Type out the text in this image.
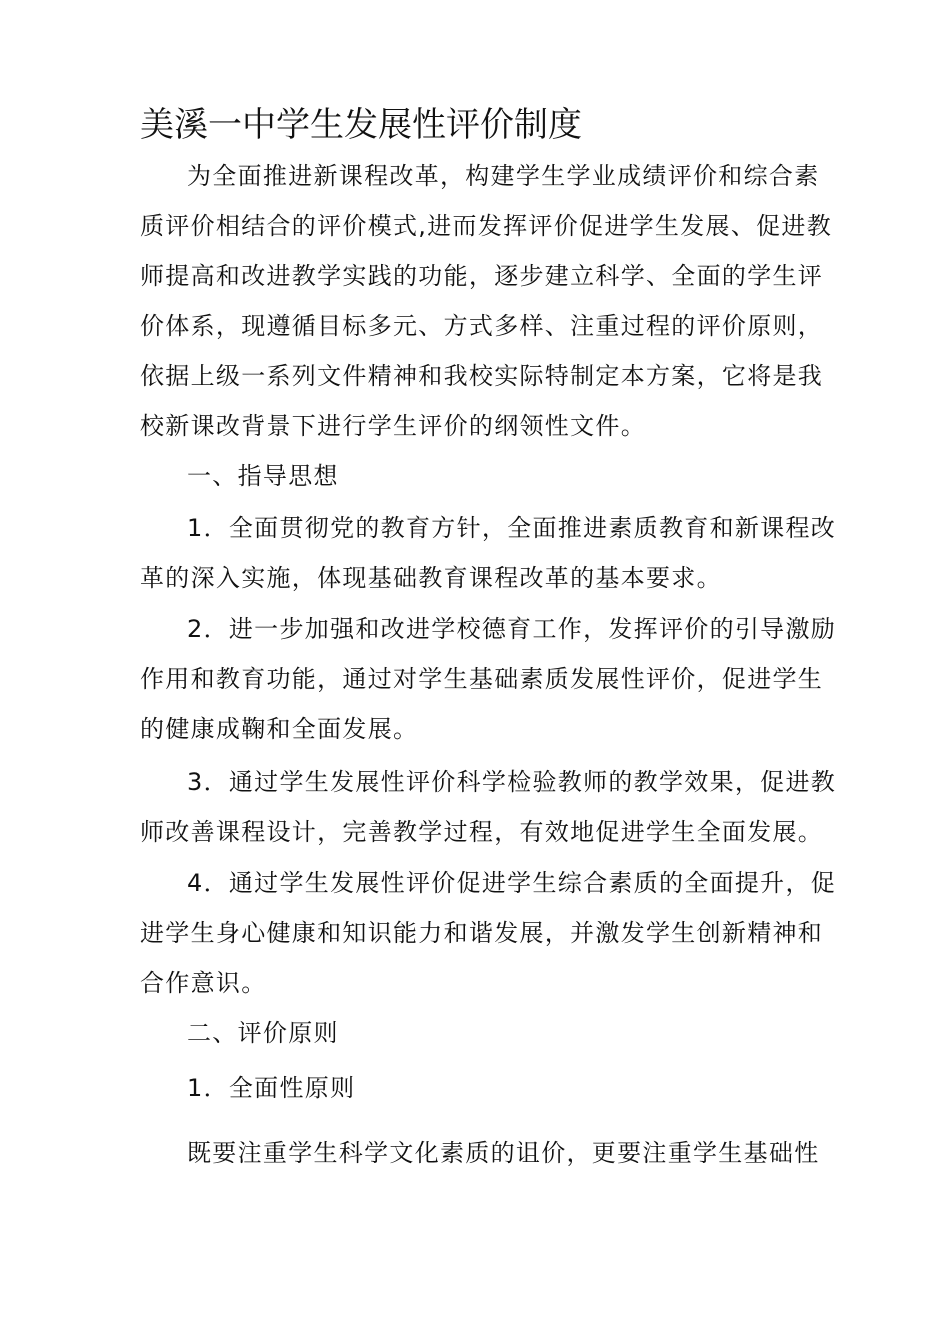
美溪一中学生发展性评价制度
为全面推进新课程改革，构建学生学业成绩评价和综合素
质评价相结合的评价模式,进而发挥评价促进学生发展、促进教
师提高和改进教学实践的功能，逐步建立科学、全面的学生评
价体系，现遵循目标多元、方式多样、注重过程的评价原则，
依据上级一系列文件精神和我校实际特制定本方案，它将是我
校新课改背景下进行学生评价的纲领性文件。
一、指导思想
1．全面贯彻党的教育方针，全面推进素质教育和新课程改
革的深入实施，体现基础教育课程改革的基本要求。
2．进一步加强和改进学校德育工作，发挥评价的引导激励
作用和教育功能，通过对学生基础素质发展性评价，促进学生
的健康成鞠和全面发展。
3．通过学生发展性评价科学检验教师的教学效果，促进教
师改善课程设计，完善教学过程，有效地促进学生全面发展。
4．通过学生发展性评价促进学生综合素质的全面提升，促
进学生身心健康和知识能力和谐发展，并激发学生创新精神和
合作意识。
二、评价原则
1．全面性原则
既要注重学生科学文化素质的诅价，更要注重学生基础性
